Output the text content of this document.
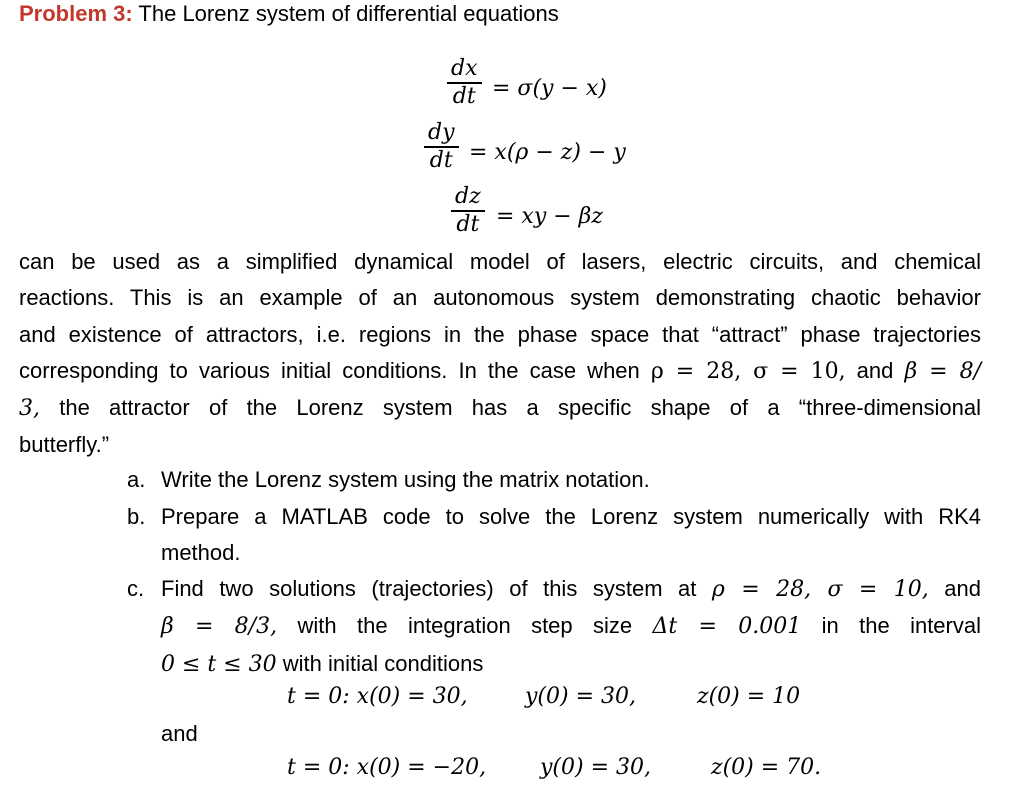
Problem 3: The Lorenz system of differential equations
dx
dt = σ(y − x)
dy
dt = x(ρ − z) − y
dz
dt = xy − βz
can be used as a simplified dynamical model of lasers, electric circuits, and chemical
reactions. This is an example of an autonomous system demonstrating chaotic behavior
and existence of attractors, i.e. regions in the phase space that “attract” phase trajectories
corresponding to various initial conditions. In the case when ρ = 28, σ = 10, and β = 8/
3, the attractor of the Lorenz system has a specific shape of a “three-dimensional
butterfly.”
a. Write the Lorenz system using the matrix notation.
b. Prepare a MATLAB code to solve the Lorenz system numerically with RK4
method.
c. Find two solutions (trajectories) of this system at ρ = 28, σ = 10, and
β = 8/3, with the integration step size Δt = 0.001 in the interval
0 ≤ t ≤ 30 with initial conditions
t = 0: x(0) = 30,	y(0) = 30,	z(0) = 10
and
t = 0: x(0) = −20, y(0) = 30,	z(0) = 70.
